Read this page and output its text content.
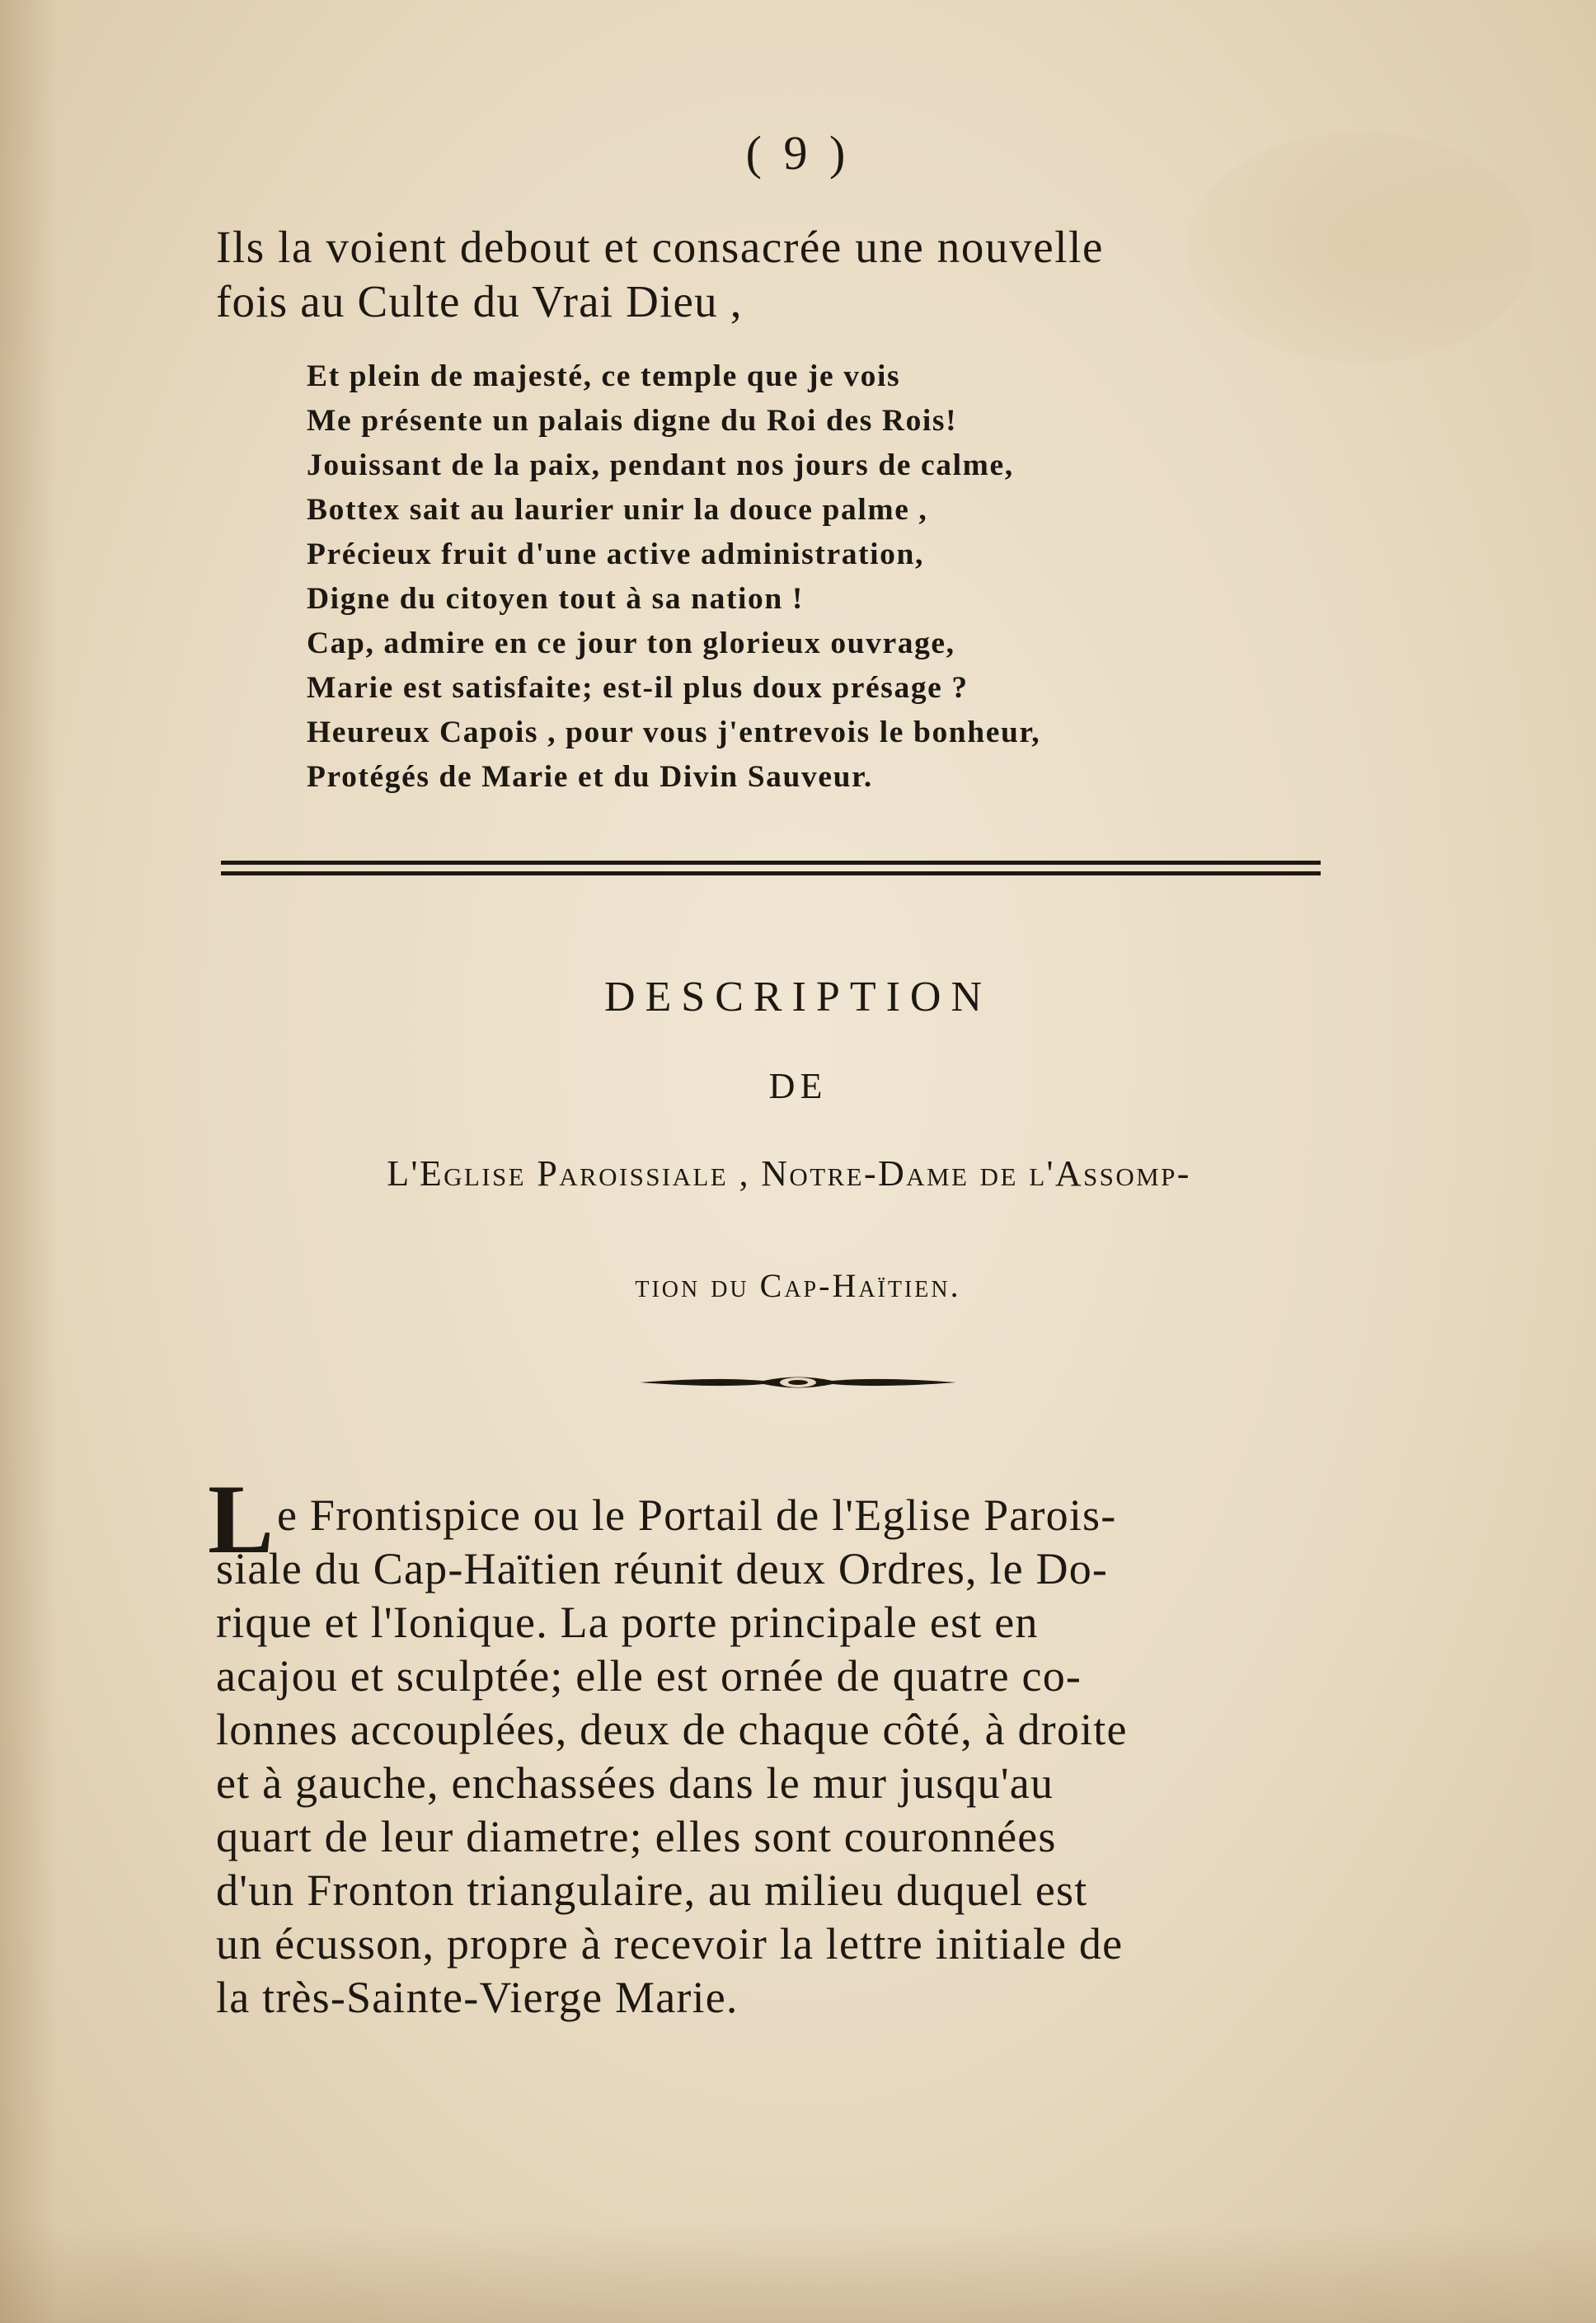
( 9 )
Ils la voient debout et consacrée une nouvelle
fois au Culte du Vrai Dieu ,
Et plein de majesté, ce temple que je vois
Me présente un palais digne du Roi des Rois!
Jouissant de la paix, pendant nos jours de calme,
Bottex sait au laurier unir la douce palme ,
Précieux fruit d'une active administration,
Digne du citoyen tout à sa nation !
Cap, admire en ce jour ton glorieux ouvrage,
Marie est satisfaite; est-il plus doux présage ?
Heureux Capois , pour vous j'entrevois le bonheur,
Protégés de Marie et du Divin Sauveur.
DESCRIPTION
DE
L'Eglise Paroissiale , Notre-Dame de l'Assomp-
tion du Cap-Haïtien.
L e Frontispice ou le Portail de l'Eglise Parois-
siale du Cap-Haïtien réunit deux Ordres, le Do-
rique et l'Ionique. La porte principale est en
acajou et sculptée; elle est ornée de quatre co-
lonnes accouplées, deux de chaque côté, à droite
et à gauche, enchassées dans le mur jusqu'au
quart de leur diametre; elles sont couronnées
d'un Fronton triangulaire, au milieu duquel est
un écusson, propre à recevoir la lettre initiale de
la très-Sainte-Vierge Marie.
